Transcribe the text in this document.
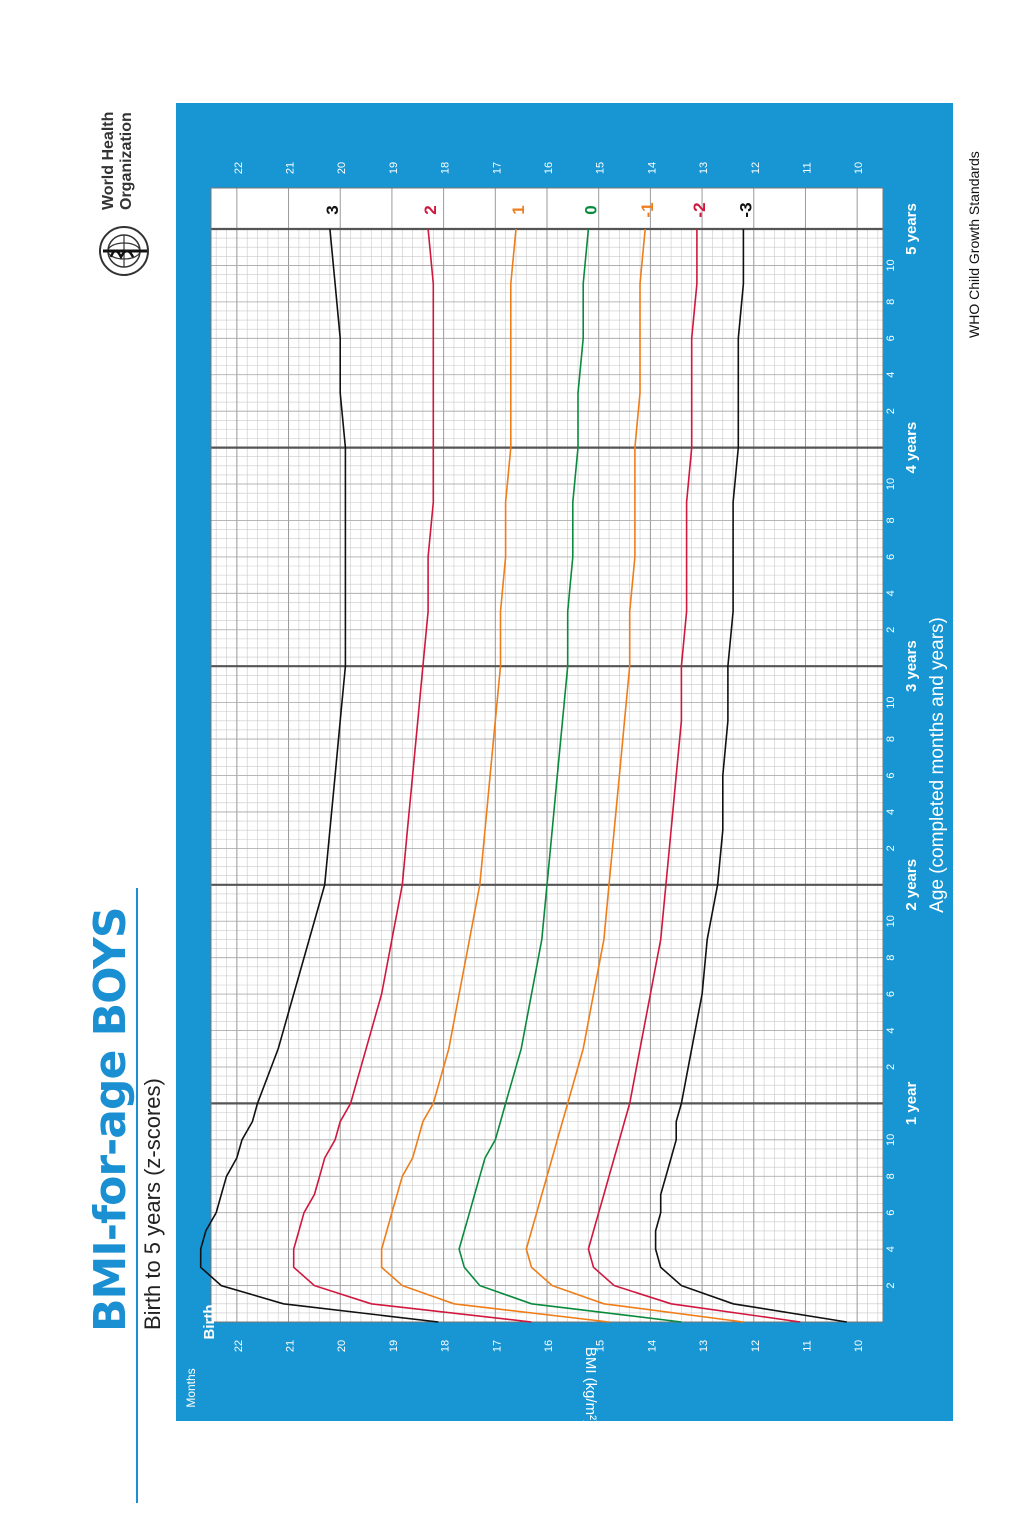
BMI-for-age BOYS Birth to 5 years (z-scores)
World Health Organization	3	2	1	0 -1 -2 -3
10
10
11
11
12
12
13
13
14
14
15
15
16
16
17
17
18
18
19
19
20
20
21
21
22
22
BMI (kg/m²)
Months
2
4
6
8
10
2
4
6
8
10
2
4
6
8
10
2
4
6
8
10
2
4
6
8
10
Birth
1 year
2 years
3 years
4 years
5 years
Age (completed months and years)
WHO Child Growth Standards
